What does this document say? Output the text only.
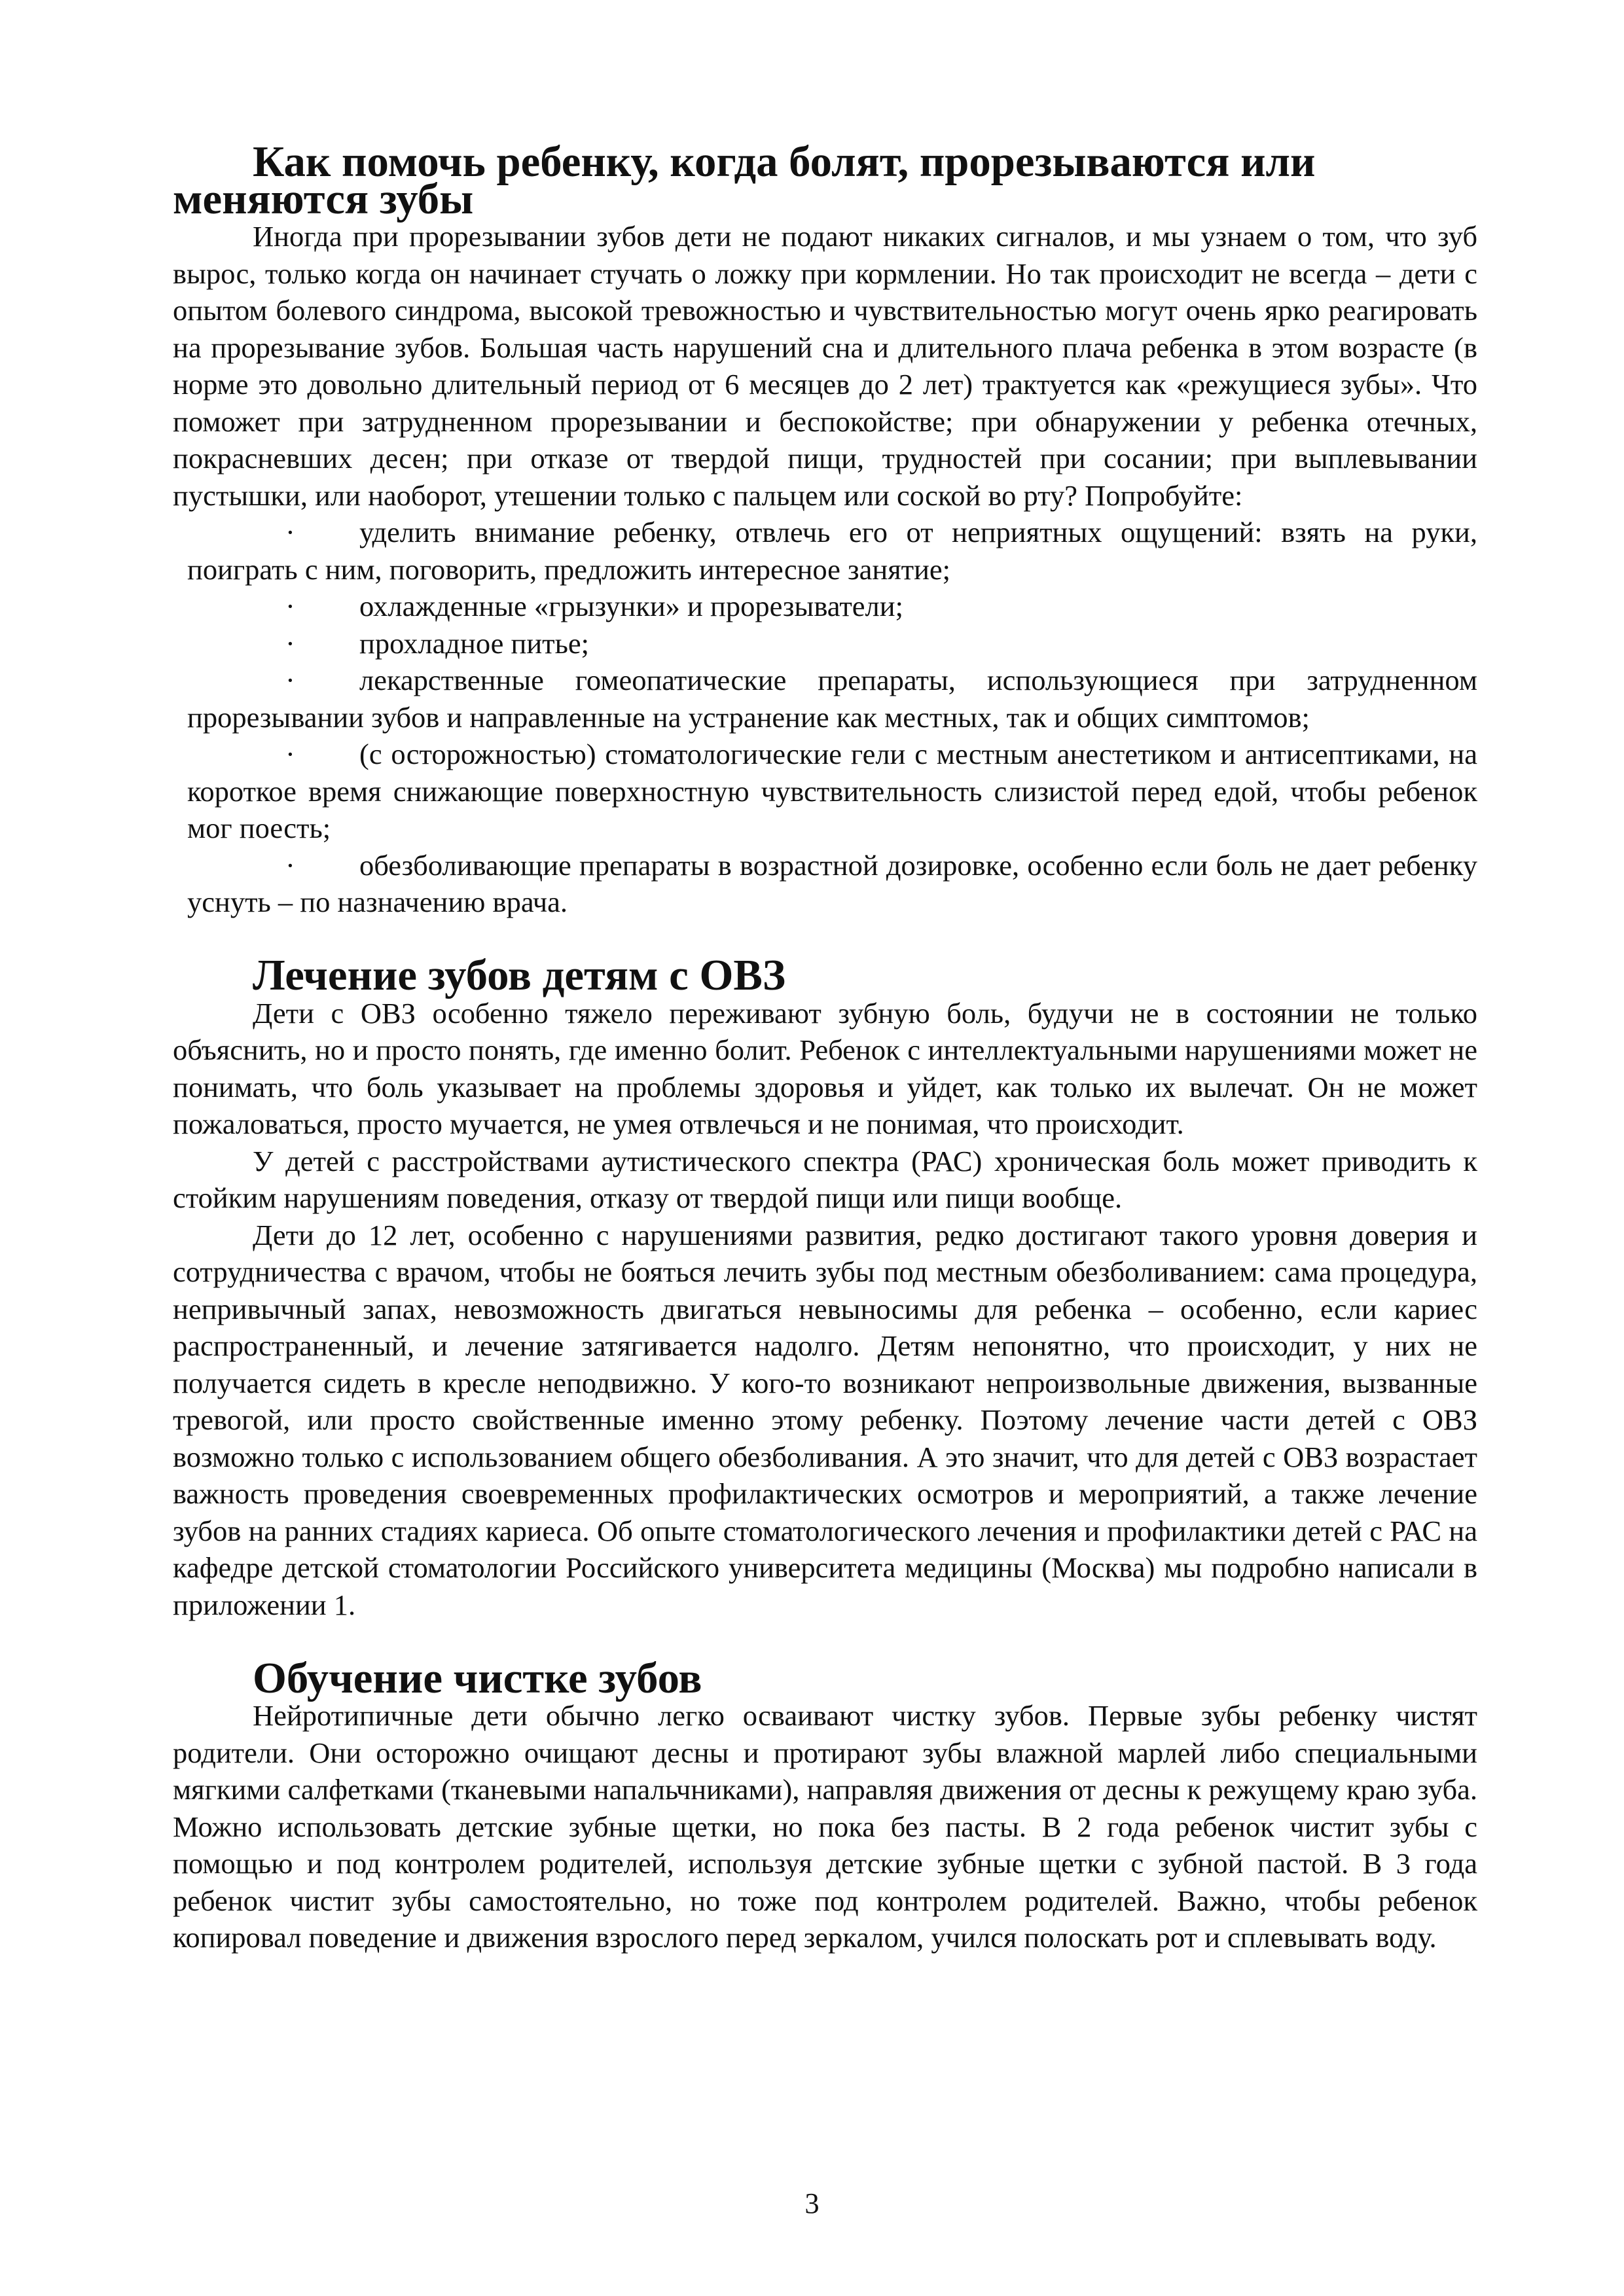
Как помочь ребенку, когда болят, прорезываются или меняются зубы

Иногда при прорезывании зубов дети не подают никаких сигналов, и мы узнаем о том, что зуб вырос, только когда он начинает стучать о ложку при кормлении. Но так происходит не всегда – дети с опытом болевого синдрома, высокой тревожностью и чувствительностью могут очень ярко реагировать на прорезывание зубов. Большая часть нарушений сна и длительного плача ребенка в этом возрасте (в норме это довольно длительный период от 6 месяцев до 2 лет) трактуется как «режущиеся зубы». Что поможет при затрудненном прорезывании и беспокойстве; при обнаружении у ребенка отечных, покрасневших десен; при отказе от твердой пищи, трудностей при сосании; при выплевывании пустышки, или наоборот, утешении только с пальцем или соской во рту? Попробуйте:

· уделить внимание ребенку, отвлечь его от неприятных ощущений: взять на руки, поиграть с ним, поговорить, предложить интересное занятие;
· охлажденные «грызунки» и прорезыватели;
· прохладное питье;
· лекарственные гомеопатические препараты, использующиеся при затрудненном прорезывании зубов и направленные на устранение как местных, так и общих симптомов;
· (с осторожностью) стоматологические гели с местным анестетиком и антисептиками, на короткое время снижающие поверхностную чувствительность слизистой перед едой, чтобы ребенок мог поесть;
· обезболивающие препараты в возрастной дозировке, особенно если боль не дает ребенку уснуть – по назначению врача.
Лечение зубов детям с ОВЗ

Дети с ОВЗ особенно тяжело переживают зубную боль, будучи не в состоянии не только объяснить, но и просто понять, где именно болит. Ребенок с интеллектуальными нарушениями может не понимать, что боль указывает на проблемы здоровья и уйдет, как только их вылечат. Он не может пожаловаться, просто мучается, не умея отвлечься и не понимая, что происходит.

У детей с расстройствами аутистического спектра (РАС) хроническая боль может приводить к стойким нарушениям поведения, отказу от твердой пищи или пищи вообще.

Дети до 12 лет, особенно с нарушениями развития, редко достигают такого уровня доверия и сотрудничества с врачом, чтобы не бояться лечить зубы под местным обезболиванием: сама процедура, непривычный запах, невозможность двигаться невыносимы для ребенка – особенно, если кариес распространенный, и лечение затягивается надолго. Детям непонятно, что происходит, у них не получается сидеть в кресле неподвижно. У кого-то возникают непроизвольные движения, вызванные тревогой, или просто свойственные именно этому ребенку. Поэтому лечение части детей с ОВЗ возможно только с использованием общего обезболивания. А это значит, что для детей с ОВЗ возрастает важность проведения своевременных профилактических осмотров и мероприятий, а также лечение зубов на ранних стадиях кариеса. Об опыте стоматологического лечения и профилактики детей с РАС на кафедре детской стоматологии Российского университета медицины (Москва) мы подробно написали в приложении 1.

Обучение чистке зубов

Нейротипичные дети обычно легко осваивают чистку зубов. Первые зубы ребенку чистят родители. Они осторожно очищают десны и протирают зубы влажной марлей либо специальными мягкими салфетками (тканевыми напальчниками), направляя движения от десны к режущему краю зуба. Можно использовать детские зубные щетки, но пока без пасты. В 2 года ребенок чистит зубы с помощью и под контролем родителей, используя детские зубные щетки с зубной пастой. В 3 года ребенок чистит зубы самостоятельно, но тоже под контролем родителей. Важно, чтобы ребенок копировал поведение и движения взрослого перед зеркалом, учился полоскать рот и сплевывать воду.

3
